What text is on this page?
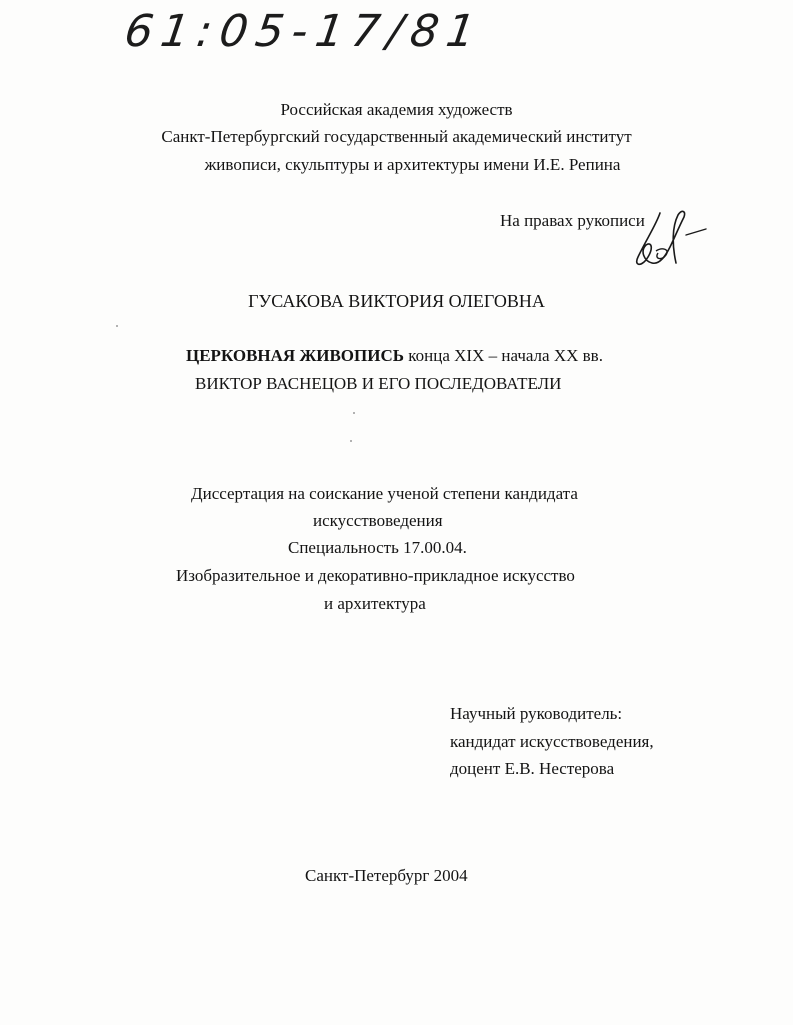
61:05-17/81
Российская академия художеств
Санкт-Петербургский государственный академический институт
живописи, скульптуры и архитектуры имени И.Е. Репина
На правах рукописи
ГУСАКОВА ВИКТОРИЯ ОЛЕГОВНА
ЦЕРКОВНАЯ ЖИВОПИСЬ конца XIX – начала XX вв.
ВИКТОР ВАСНЕЦОВ И ЕГО ПОСЛЕДОВАТЕЛИ
Диссертация на соискание ученой степени кандидата
искусствоведения
Специальность 17.00.04.
Изобразительное и декоративно-прикладное искусство
и архитектура
Научный руководитель:
кандидат искусствоведения,
доцент Е.В. Нестерова
Санкт-Петербург 2004
